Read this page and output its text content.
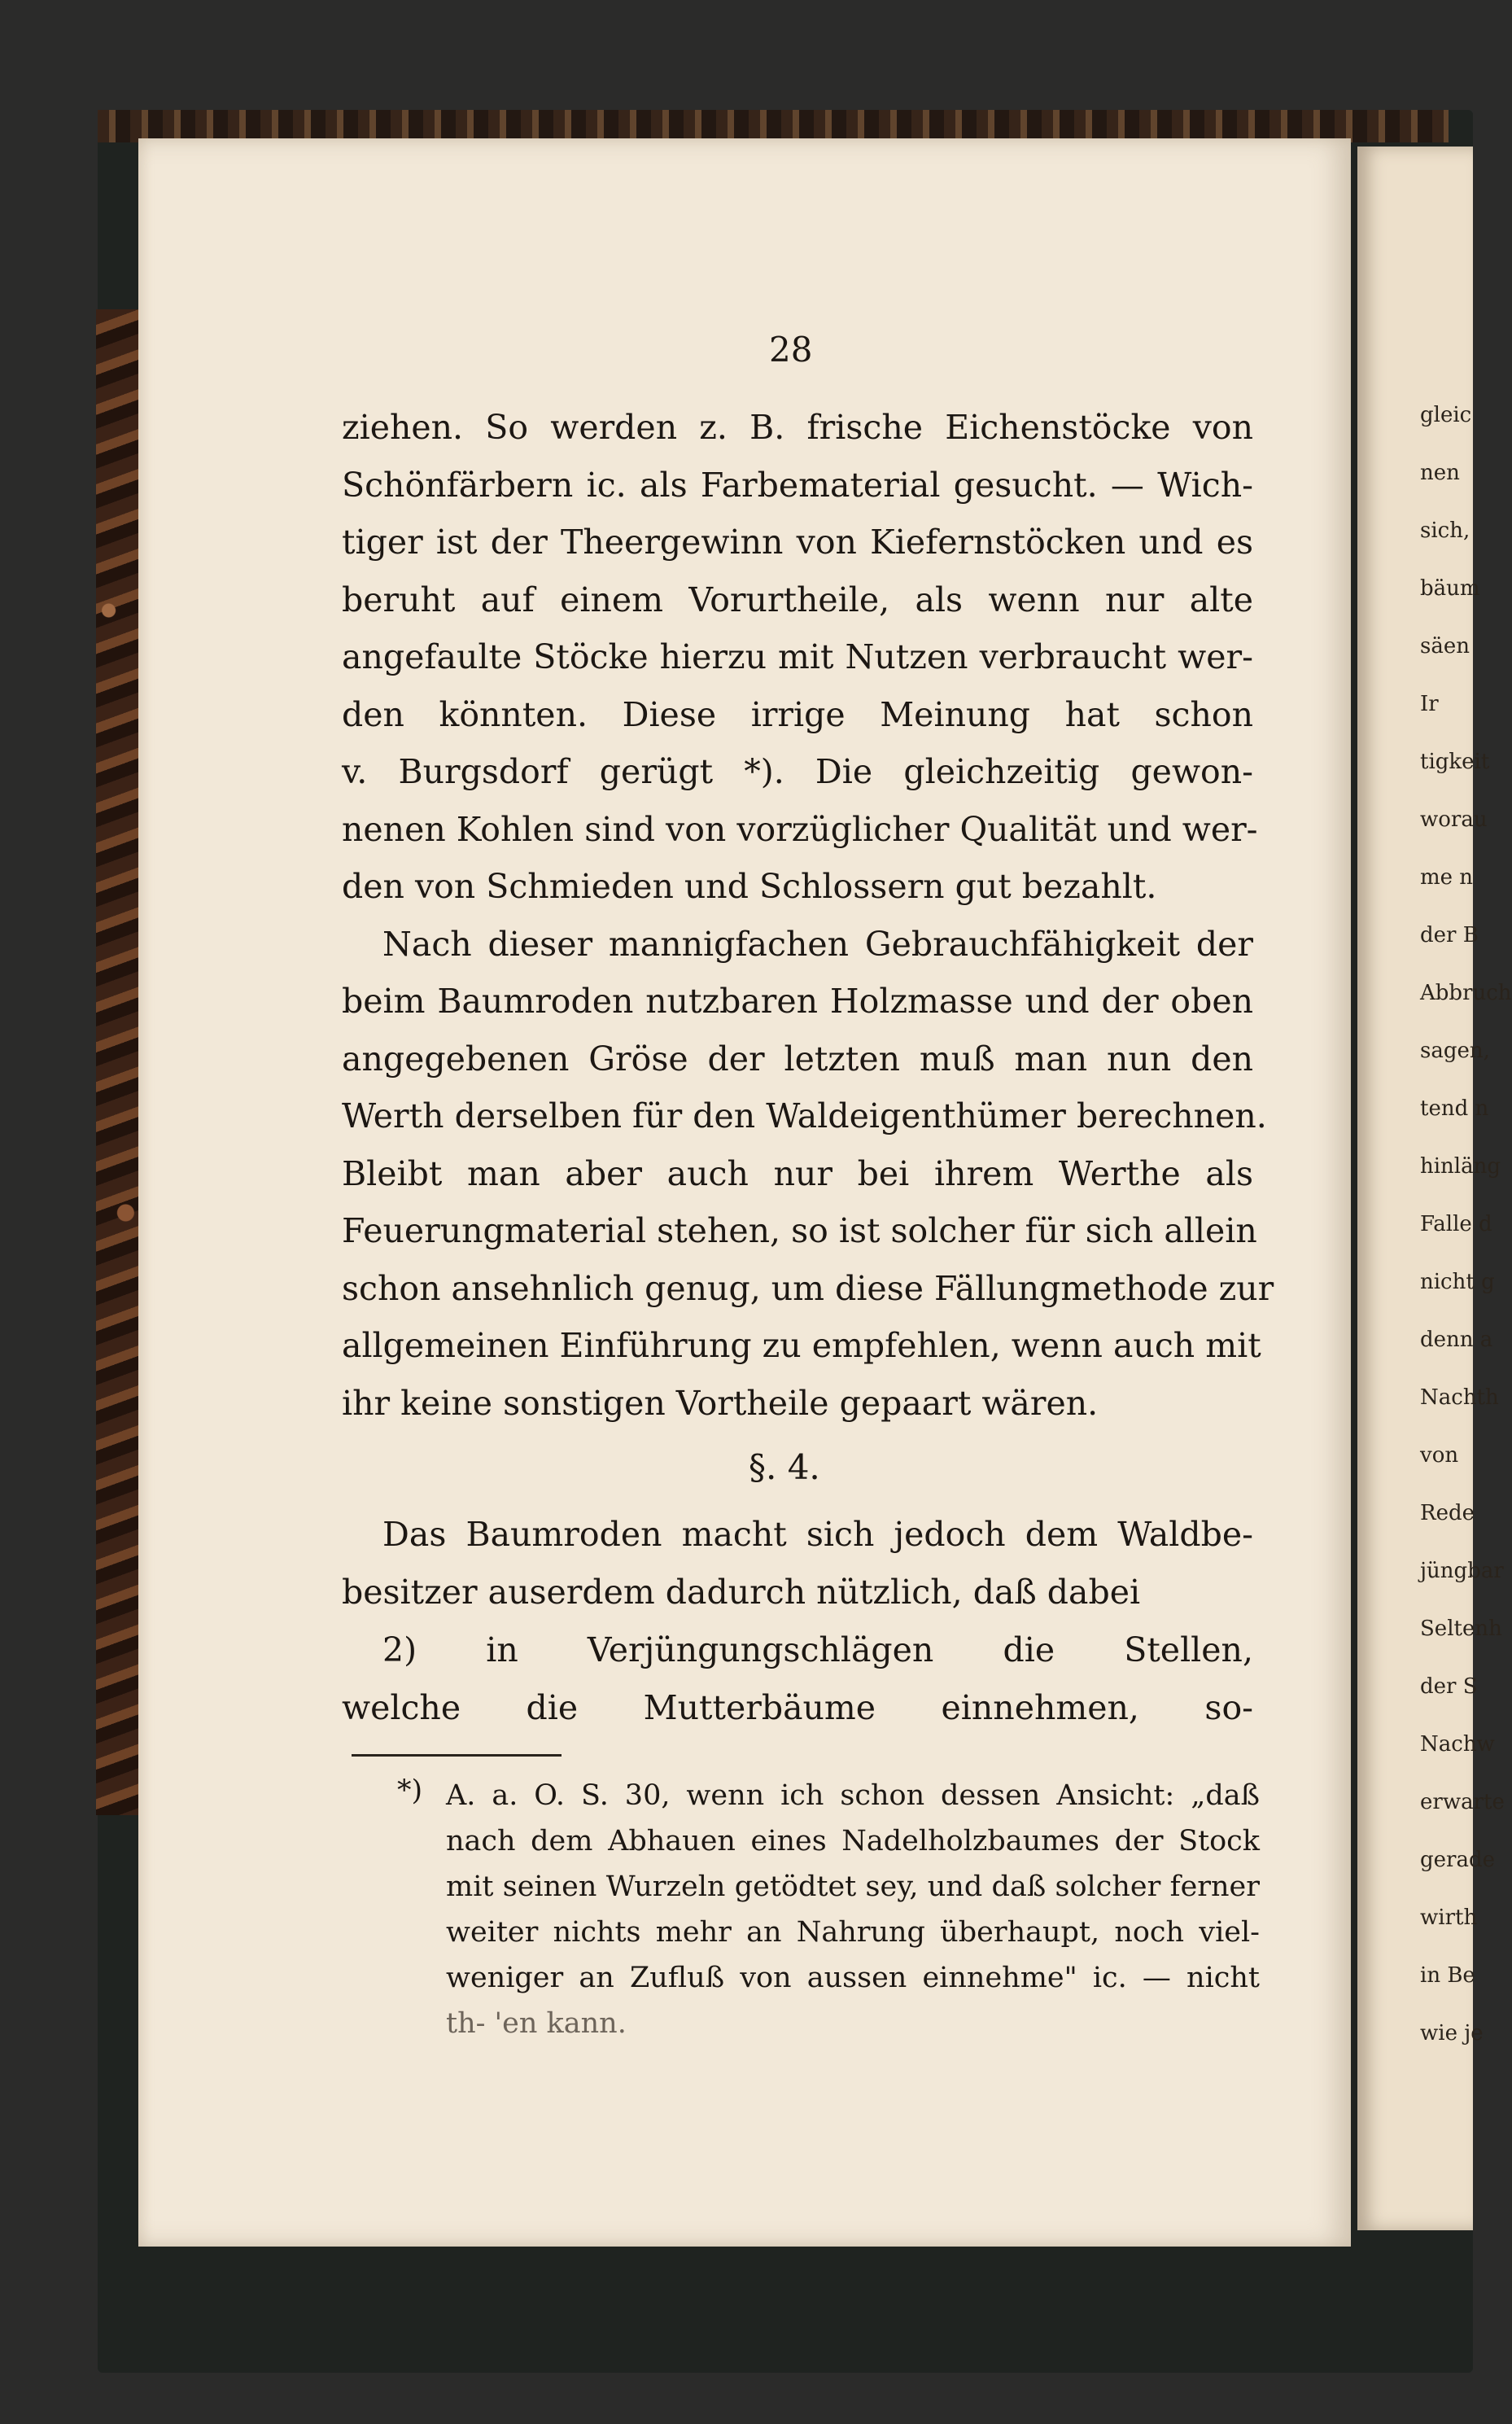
gleic
nen
sich,
bäum
säen
Ir
tigkeit
worau
me n
der B
Abbruch
sagen,
tend n
hinläng
Falle d
nicht g
denn a
Nachth
von
Rede
jüngbar
Seltenh
der S
Nachw
erwarte
gerade
wirth
in Be
wie je
28
ziehen. So werden z. B. frische Eichenstöcke von
Schönfärbern ic. als Farbematerial gesucht. — Wich-
tiger ist der Theergewinn von Kiefernstöcken und es
beruht auf einem Vorurtheile, als wenn nur alte
angefaulte Stöcke hierzu mit Nutzen verbraucht wer-
den könnten. Diese irrige Meinung hat schon
v. Burgsdorf gerügt *). Die gleichzeitig gewon-
nenen Kohlen sind von vorzüglicher Qualität und wer-
den von Schmieden und Schlossern gut bezahlt.
Nach dieser mannigfachen Gebrauchfähigkeit der
beim Baumroden nutzbaren Holzmasse und der oben
angegebenen Gröse der letzten muß man nun den
Werth derselben für den Waldeigenthümer berechnen.
Bleibt man aber auch nur bei ihrem Werthe als
Feuerungmaterial stehen, so ist solcher für sich allein
schon ansehnlich genug, um diese Fällungmethode zur
allgemeinen Einführung zu empfehlen, wenn auch mit
ihr keine sonstigen Vortheile gepaart wären.
§. 4.
Das Baumroden macht sich jedoch dem Waldbe-
besitzer auserdem dadurch nützlich, daß dabei
2) in Verjüngungschlägen die Stellen,
welche die Mutterbäume einnehmen, so-
*) A. a. O. S. 30, wenn ich schon dessen Ansicht: „daß
nach dem Abhauen eines Nadelholzbaumes der Stock
mit seinen Wurzeln getödtet sey, und daß solcher ferner
weiter nichts mehr an Nahrung überhaupt, noch viel-
weniger an Zufluß von aussen einnehme" ic. — nicht
th- 'en kann.
